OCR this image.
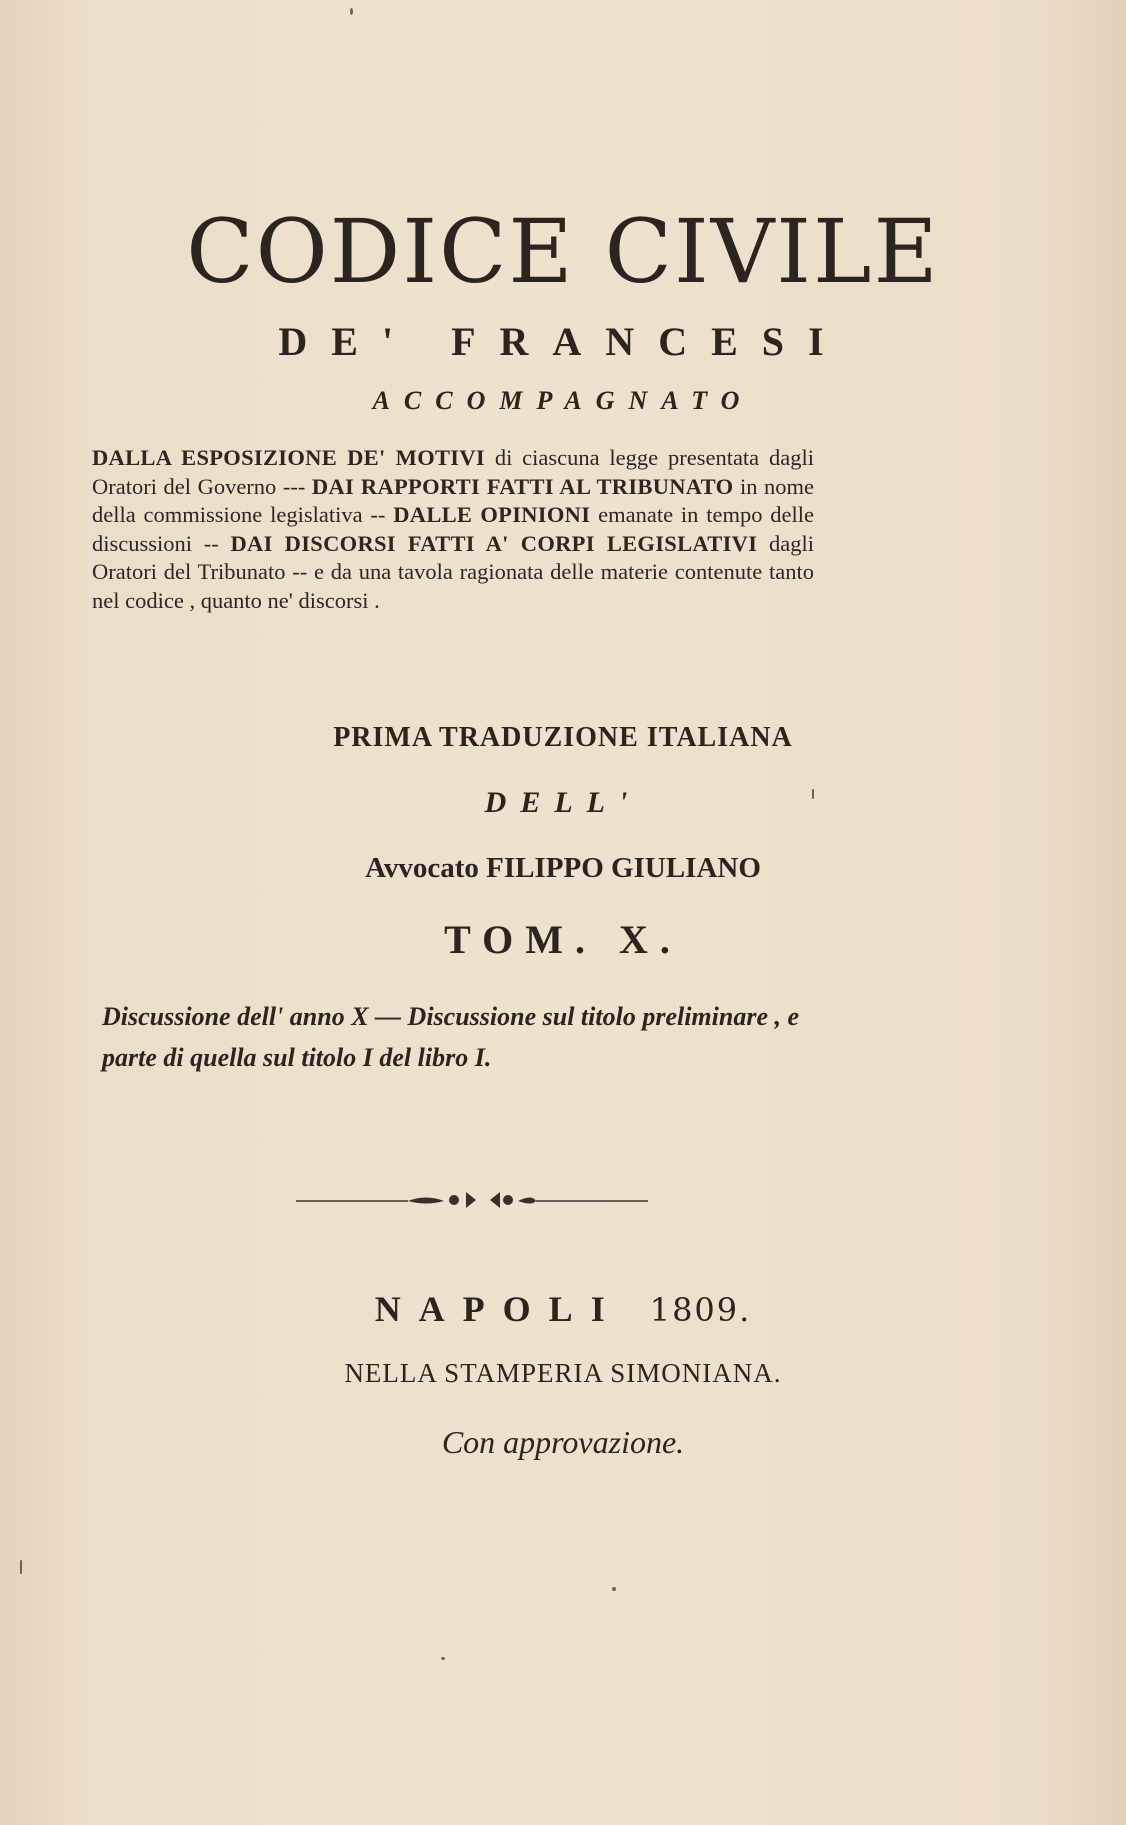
CODICE CIVILE
DE' FRANCESI
ACCOMPAGNATO
DALLA ESPOSIZIONE DE' MOTIVI di ciascuna legge presentata dagli Oratori del Governo --- DAI RAPPORTI FATTI AL TRIBUNATO in nome della commissione legislativa -- DALLE OPINIONI emanate in tempo delle discussioni -- DAI DISCORSI FATTI A' CORPI LEGISLATIVI dagli Oratori del Tribunato -- e da una tavola ragionata delle materie contenute tanto nel codice , quanto ne' discorsi .
PRIMA TRADUZIONE ITALIANA
DELL'
Avvocato FILIPPO GIULIANO
TOM. X.
Discussione dell' anno X — Discussione sul titolo preliminare , e parte di quella sul titolo I del libro I.
NAPOLI 1809.
NELLA STAMPERIA SIMONIANA.
Con approvazione.
